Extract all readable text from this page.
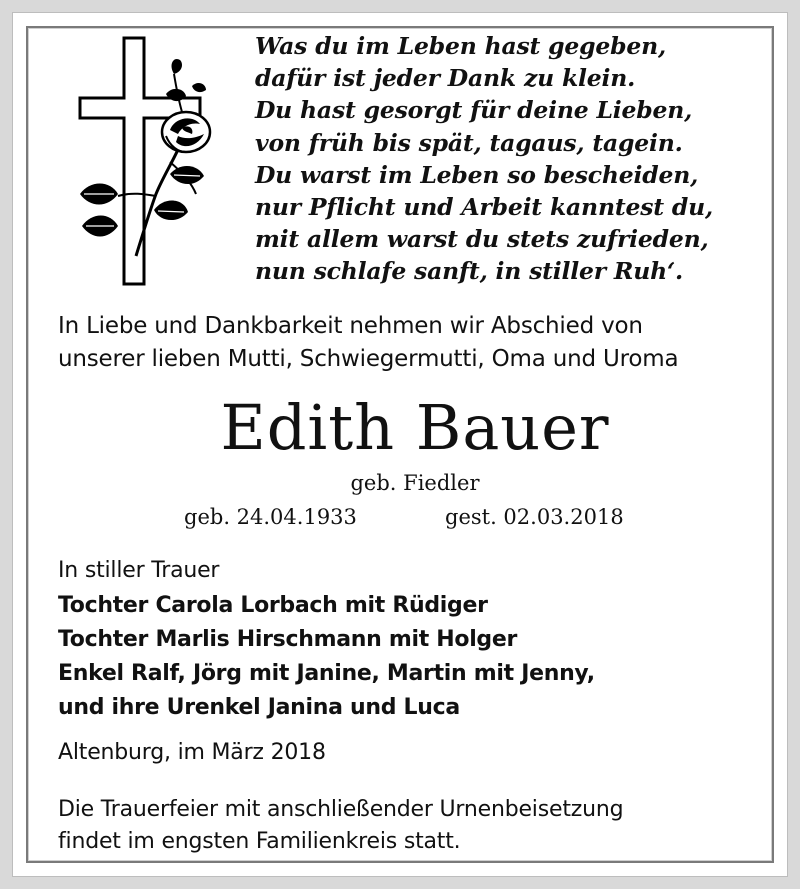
Was du im Leben hast gegeben,
dafür ist jeder Dank zu klein.
Du hast gesorgt für deine Lieben,
von früh bis spät, tagaus, tagein.
Du warst im Leben so bescheiden,
nur Pflicht und Arbeit kanntest du,
mit allem warst du stets zufrieden,
nun schlafe sanft, in stiller Ruh‘.
In Liebe und Dankbarkeit nehmen wir Abschied von
unserer lieben Mutti, Schwiegermutti, Oma und Uroma
Edith Bauer
geb. Fiedler
geb. 24.04.1933	gest. 02.03.2018
In stiller Trauer
Tochter Carola Lorbach mit Rüdiger
Tochter Marlis Hirschmann mit Holger
Enkel Ralf, Jörg mit Janine, Martin mit Jenny,
und ihre Urenkel Janina und Luca
Altenburg, im März 2018
Die Trauerfeier mit anschließender Urnenbeisetzung
findet im engsten Familienkreis statt.
